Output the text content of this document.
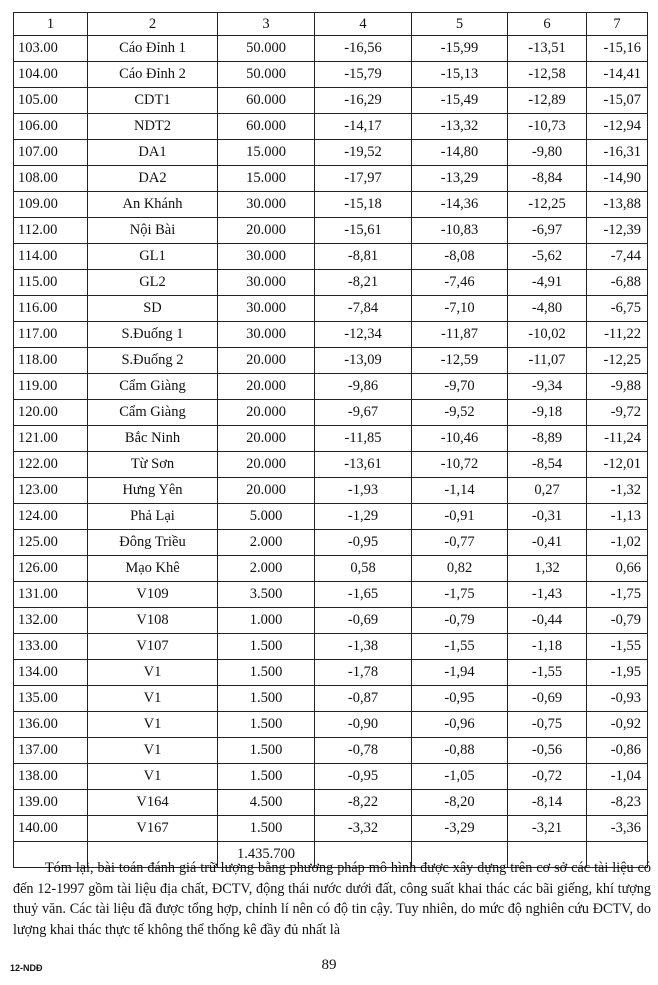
1	2	3	4	5	6	7
103.00	Cáo Đỉnh 1	50.000	-16,56	-15,99	-13,51	-15,16
104.00	Cáo Đỉnh 2	50.000	-15,79	-15,13	-12,58	-14,41
105.00	CDT1	60.000	-16,29	-15,49	-12,89	-15,07
106.00	NDT2	60.000	-14,17	-13,32	-10,73	-12,94
107.00	DA1	15.000	-19,52	-14,80	-9,80	-16,31
108.00	DA2	15.000	-17,97	-13,29	-8,84	-14,90
109.00	An Khánh	30.000	-15,18	-14,36	-12,25	-13,88
112.00	Nội Bài	20.000	-15,61	-10,83	-6,97	-12,39
114.00	GL1	30.000	-8,81	-8,08	-5,62	-7,44
115.00	GL2	30.000	-8,21	-7,46	-4,91	-6,88
116.00	SD	30.000	-7,84	-7,10	-4,80	-6,75
117.00	S.Đuống 1	30.000	-12,34	-11,87	-10,02	-11,22
118.00	S.Đuống 2	20.000	-13,09	-12,59	-11,07	-12,25
119.00	Cẩm Giàng	20.000	-9,86	-9,70	-9,34	-9,88
120.00	Cẩm Giàng	20.000	-9,67	-9,52	-9,18	-9,72
121.00	Bắc Ninh	20.000	-11,85	-10,46	-8,89	-11,24
122.00	Từ Sơn	20.000	-13,61	-10,72	-8,54	-12,01
123.00	Hưng Yên	20.000	-1,93	-1,14	0,27	-1,32
124.00	Phả Lại	5.000	-1,29	-0,91	-0,31	-1,13
125.00	Đông Triều	2.000	-0,95	-0,77	-0,41	-1,02
126.00	Mạo Khê	2.000	0,58	0,82	1,32	0,66
131.00	V109	3.500	-1,65	-1,75	-1,43	-1,75
132.00	V108	1.000	-0,69	-0,79	-0,44	-0,79
133.00	V107	1.500	-1,38	-1,55	-1,18	-1,55
134.00	V1	1.500	-1,78	-1,94	-1,55	-1,95
135.00	V1	1.500	-0,87	-0,95	-0,69	-0,93
136.00	V1	1.500	-0,90	-0,96	-0,75	-0,92
137.00	V1	1.500	-0,78	-0,88	-0,56	-0,86
138.00	V1	1.500	-0,95	-1,05	-0,72	-1,04
139.00	V164	4.500	-8,22	-8,20	-8,14	-8,23
140.00	V167	1.500	-3,32	-3,29	-3,21	-3,36
		1.435.700				

Tóm lại, bài toán đánh giá trữ lượng bằng phương pháp mô hình được xây dựng trên cơ sở các tài liệu có đến 12-1997 gồm tài liệu địa chất, ĐCTV, động thái nước dưới đất, công suất khai thác các bãi giếng, khí tượng thuỷ văn. Các tài liệu đã được tổng hợp, chỉnh lí nên có độ tin cậy. Tuy nhiên, do mức độ nghiên cứu ĐCTV, do lượng khai thác thực tế không thể thống kê đầy đủ nhất là

12-NDĐ	89
